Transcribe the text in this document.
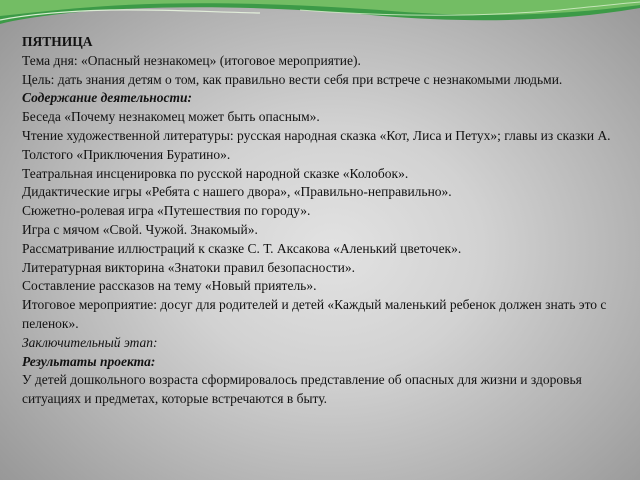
ПЯТНИЦА

Тема дня: «Опасный незнакомец» (итоговое мероприятие).

Цель: дать знания детям о том, как правильно вести себя при встрече с незнакомыми людьми.

Содержание деятельности:

Беседа «Почему незнакомец может быть опасным».

Чтение художественной литературы: русская народная сказка «Кот, Лиса и Петух»; главы из сказки А. Толстого «Приключения Буратино».

Театральная инсценировка по русской народной сказке «Колобок».

Дидактические игры «Ребята с нашего двора», «Правильно-неправильно».

Сюжетно-ролевая игра «Путешествия по городу».

Игра с мячом «Свой. Чужой. Знакомый».

Рассматривание иллюстраций к сказке С. Т. Аксакова «Аленький цветочек».

Литературная викторина «Знатоки правил безопасности».

Составление рассказов на тему «Новый приятель».

Итоговое мероприятие: досуг для родителей и детей «Каждый маленький ребенок должен знать это с пеленок».

Заключительный этап:

Результаты проекта:

У детей дошкольного возраста сформировалось представление об опасных для жизни и здоровья ситуациях и предметах, которые встречаются в быту.
